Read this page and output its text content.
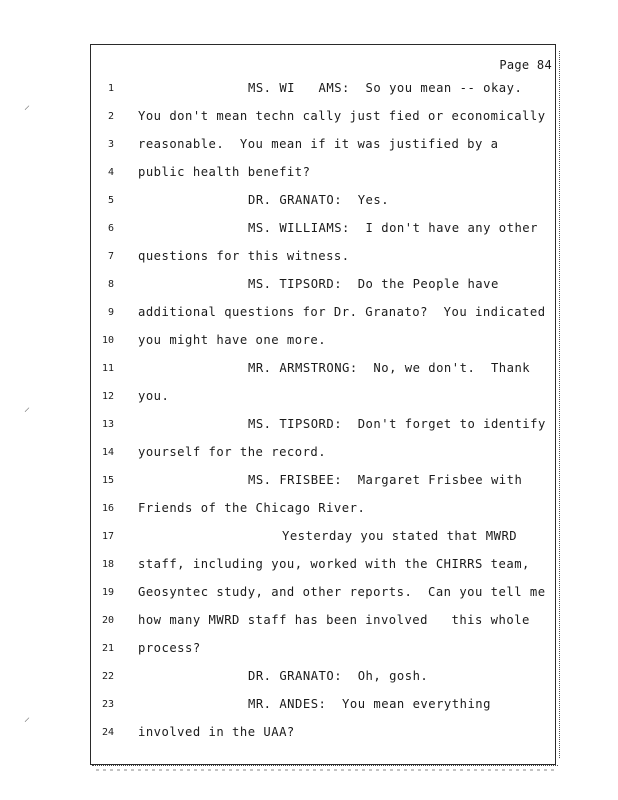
⸝
⸝
⸝
Page 84
1	MS. WI   AMS:  So you mean -- okay.
2 You don't mean techn cally just fied or economically
3 reasonable.  You mean if it was justified by a
4 public health benefit?
5	DR. GRANATO:  Yes.
6	MS. WILLIAMS:  I don't have any other
7 questions for this witness.
8	MS. TIPSORD:  Do the People have
9 additional questions for Dr. Granato?  You indicated
10 you might have one more.
11	MR. ARMSTRONG:  No, we don't.  Thank
12 you.
13	MS. TIPSORD:  Don't forget to identify
14 yourself for the record.
15	MS. FRISBEE:  Margaret Frisbee with
16 Friends of the Chicago River.
17	Yesterday you stated that MWRD
18 staff, including you, worked with the CHIRRS team,
19 Geosyntec study, and other reports.  Can you tell me
20 how many MWRD staff has been involved   this whole
21 process?
22	DR. GRANATO:  Oh, gosh.
23	MR. ANDES:  You mean everything
24 involved in the UAA?
